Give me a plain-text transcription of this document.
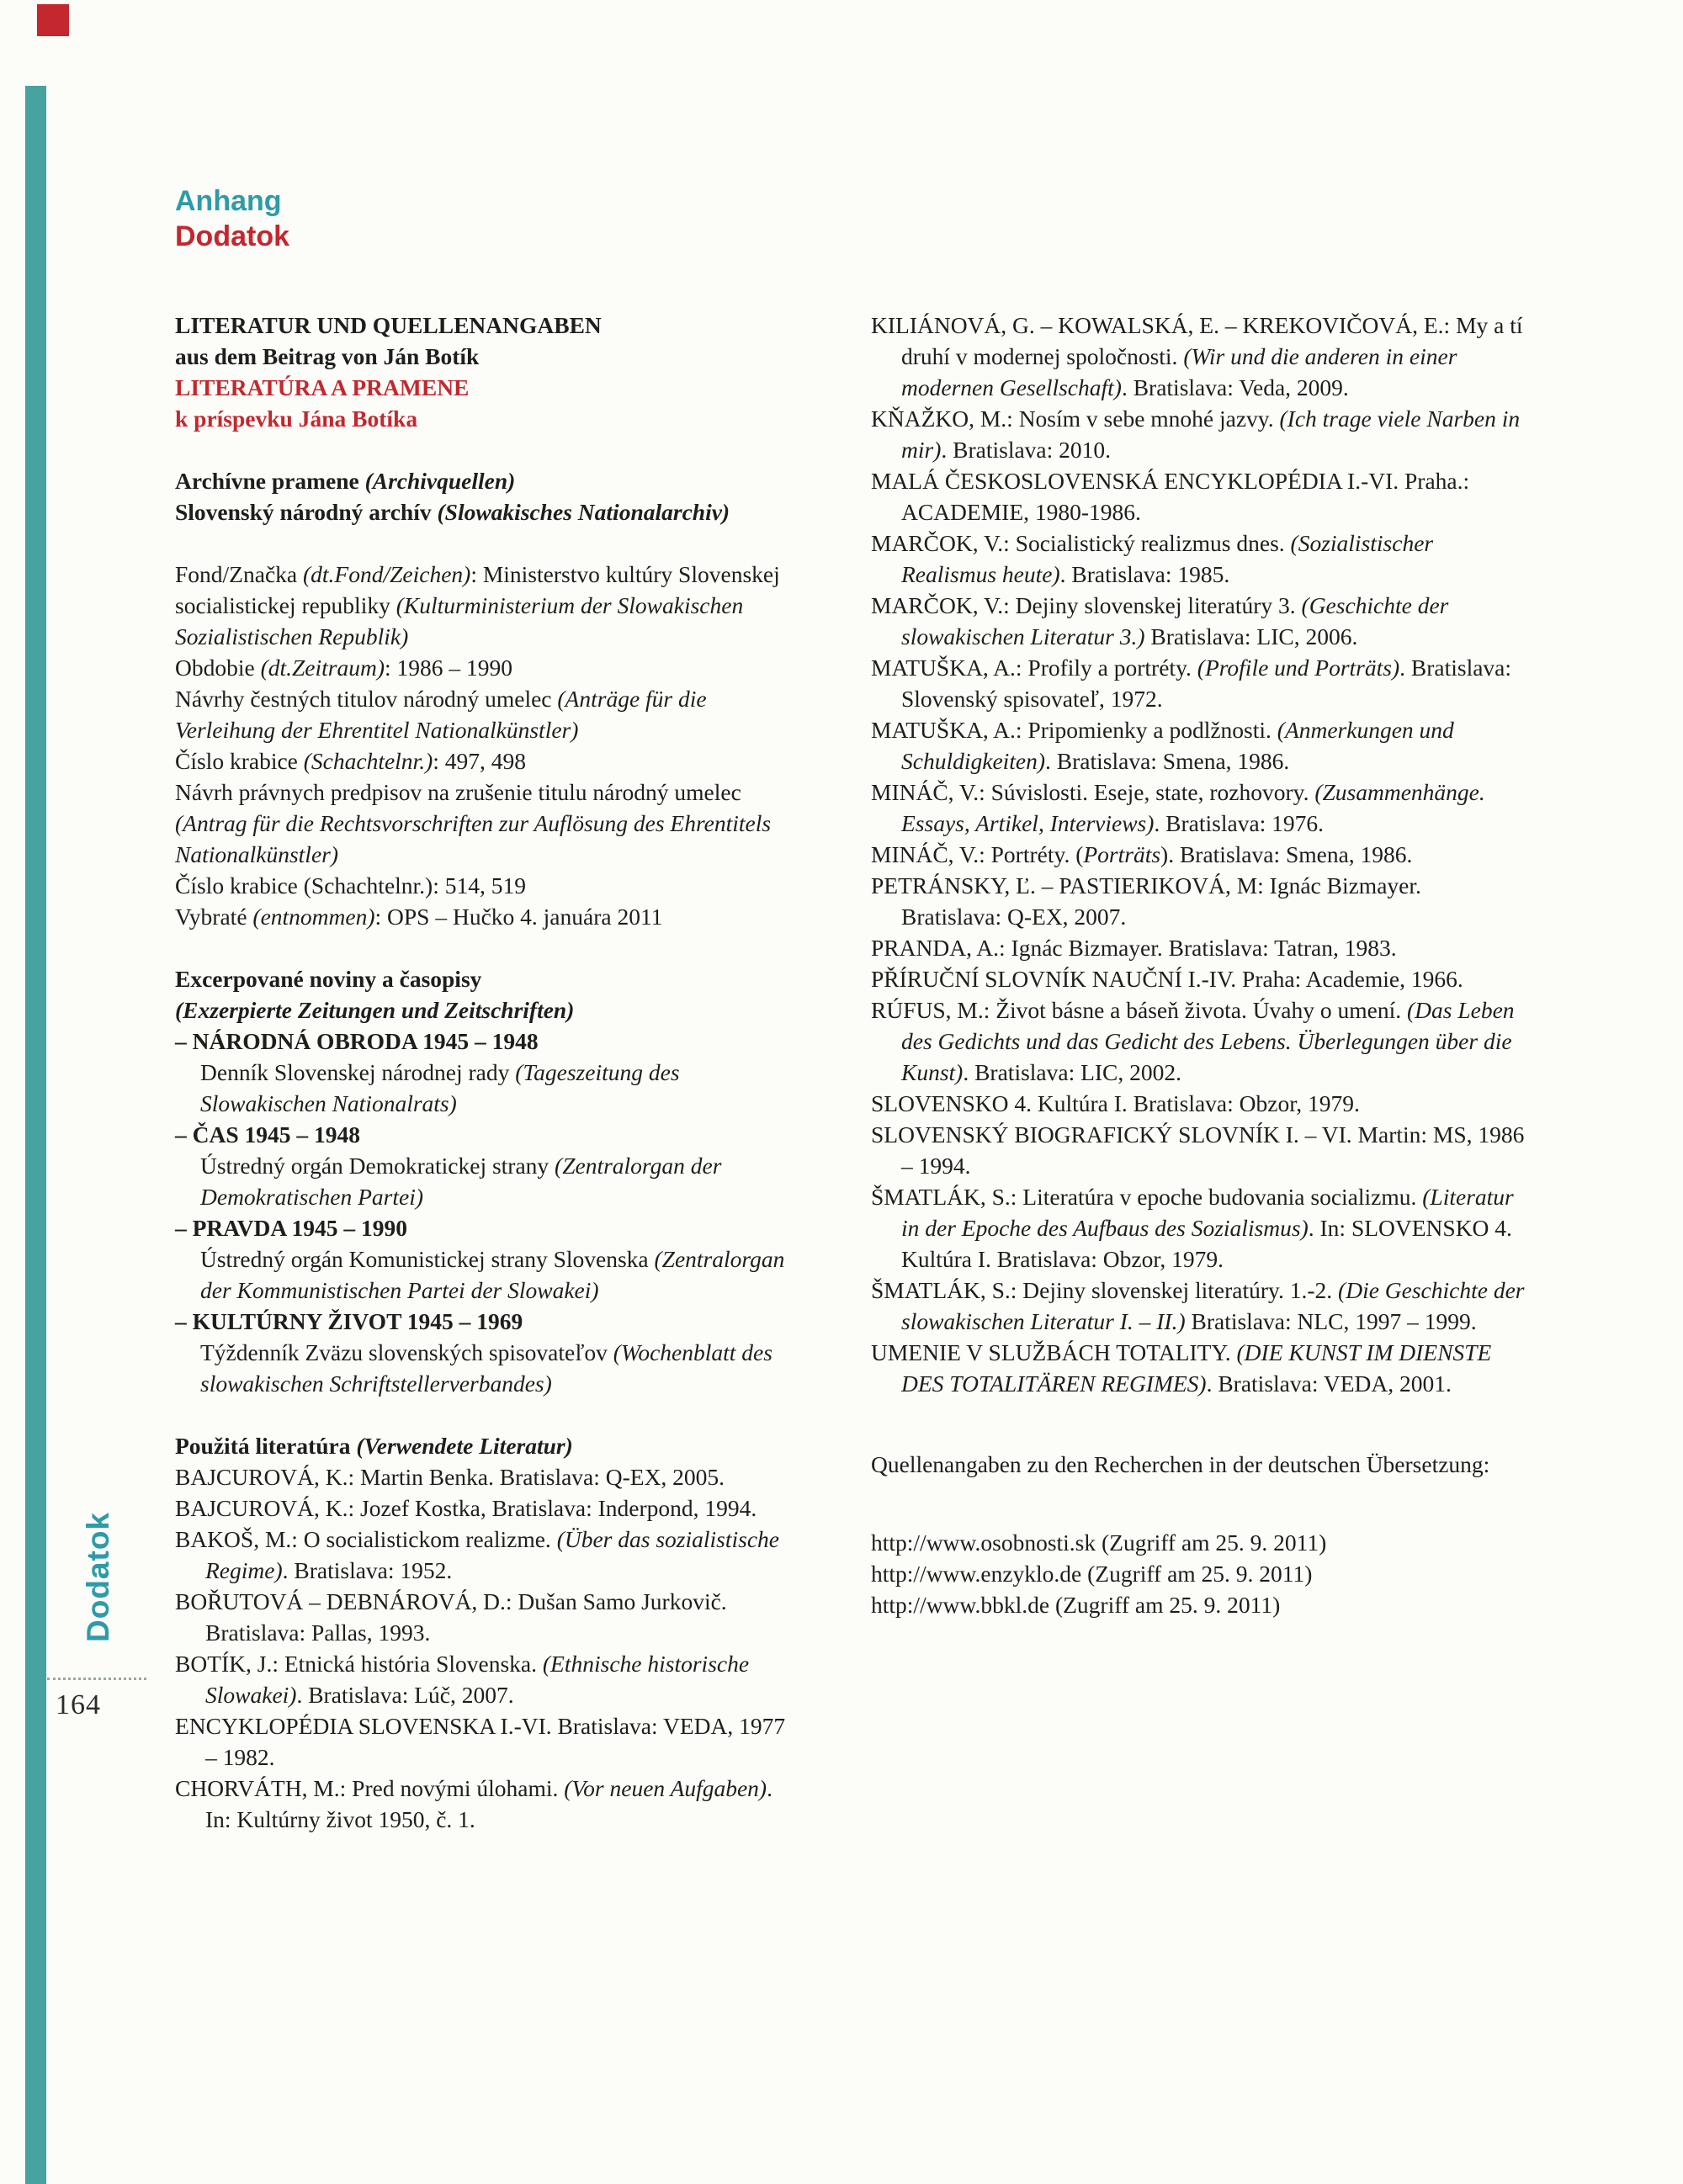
Anhang
Dodatok
LITERATUR UND QUELLENANGABEN
aus dem Beitrag von Ján Botík
LITERATÚRA A PRAMENE
k príspevku Jána Botíka
Archívne pramene (Archivquellen)
Slovenský národný archív (Slowakisches Nationalarchiv)
Fond/Značka (dt.Fond/Zeichen): Ministerstvo kultúry Slovenskej socialistickej republiky (Kulturministerium der Slowakischen Sozialistischen Republik)
Obdobie (dt.Zeitraum): 1986 – 1990
Návrhy čestných titulov národný umelec (Anträge für die Verleihung der Ehrentitel Nationalkünstler)
Číslo krabice (Schachtelnr.): 497, 498
Návrh právnych predpisov na zrušenie titulu národný umelec (Antrag für die Rechtsvorschriften zur Auflösung des Ehrentitels Nationalkünstler)
Číslo krabice (Schachtelnr.): 514, 519
Vybraté (entnommen): OPS – Hučko 4. januára 2011
Excerpované noviny a časopisy
(Exzerpierte Zeitungen und Zeitschriften)
– NÁRODNÁ OBRODA 1945 – 1948
Denník Slovenskej národnej rady (Tageszeitung des Slowakischen Nationalrats)
– ČAS 1945 – 1948
Ústredný orgán Demokratickej strany (Zentralorgan der Demokratischen Partei)
– PRAVDA 1945 – 1990
Ústredný orgán Komunistickej strany Slovenska (Zentralorgan der Kommunistischen Partei der Slowakei)
– KULTÚRNY ŽIVOT 1945 – 1969
Týždenník Zväzu slovenských spisovateľov (Wochenblatt des slowakischen Schriftstellerverbandes)
Použitá literatúra (Verwendete Literatur)
BAJCUROVÁ, K.: Martin Benka. Bratislava: Q-EX, 2005.
BAJCUROVÁ, K.: Jozef Kostka, Bratislava: Inderpond, 1994.
BAKOŠ, M.: O socialistickom realizme. (Über das sozialistische Regime). Bratislava: 1952.
BOŘUTOVÁ – DEBNÁROVÁ, D.: Dušan Samo Jurkovič. Bratislava: Pallas, 1993.
BOTÍK, J.: Etnická história Slovenska. (Ethnische historische Slowakei). Bratislava: Lúč, 2007.
ENCYKLOPÉDIA SLOVENSKA I.-VI. Bratislava: VEDA, 1977 – 1982.
CHORVÁTH, M.: Pred novými úlohami. (Vor neuen Aufgaben). In: Kultúrny život 1950, č. 1.
KILIÁNOVÁ, G. – KOWALSKÁ, E. – KREKOVIČOVÁ, E.: My a tí druhí v modernej spoločnosti. (Wir und die anderen in einer modernen Gesellschaft). Bratislava: Veda, 2009.
KŇAŽKO, M.: Nosím v sebe mnohé jazvy. (Ich trage viele Narben in mir). Bratislava: 2010.
MALÁ ČESKOSLOVENSKÁ ENCYKLOPÉDIA I.-VI. Praha.: ACADEMIE, 1980-1986.
MARČOK, V.: Socialistický realizmus dnes. (Sozialistischer Realismus heute). Bratislava: 1985.
MARČOK, V.: Dejiny slovenskej literatúry 3. (Geschichte der slowakischen Literatur 3.) Bratislava: LIC, 2006.
MATUŠKA, A.: Profily a portréty. (Profile und Porträts). Bratislava: Slovenský spisovateľ, 1972.
MATUŠKA, A.: Pripomienky a podlžnosti. (Anmerkungen und Schuldigkeiten). Bratislava: Smena, 1986.
MINÁČ, V.: Súvislosti. Eseje, state, rozhovory. (Zusammenhänge. Essays, Artikel, Interviews). Bratislava: 1976.
MINÁČ, V.: Portréty. (Porträts). Bratislava: Smena, 1986.
PETRÁNSKY, Ľ. – PASTIERIKOVÁ, M: Ignác Bizmayer. Bratislava: Q-EX, 2007.
PRANDA, A.: Ignác Bizmayer. Bratislava: Tatran, 1983.
PŘÍRUČNÍ SLOVNÍK NAUČNÍ I.-IV. Praha: Academie, 1966.
RÚFUS, M.: Život básne a báseň života. Úvahy o umení. (Das Leben des Gedichts und das Gedicht des Lebens. Überlegungen über die Kunst). Bratislava: LIC, 2002.
SLOVENSKO 4. Kultúra I. Bratislava: Obzor, 1979.
SLOVENSKÝ BIOGRAFICKÝ SLOVNÍK I. – VI. Martin: MS, 1986 – 1994.
ŠMATLÁK, S.: Literatúra v epoche budovania socializmu. (Literatur in der Epoche des Aufbaus des Sozialismus). In: SLOVENSKO 4. Kultúra I. Bratislava: Obzor, 1979.
ŠMATLÁK, S.: Dejiny slovenskej literatúry. 1.-2. (Die Geschichte der slowakischen Literatur I. – II.) Bratislava: NLC, 1997 – 1999.
UMENIE V SLUŽBÁCH TOTALITY. (DIE KUNST IM DIENSTE DES TOTALITÄREN REGIMES). Bratislava: VEDA, 2001.
Quellenangaben zu den Recherchen in der deutschen Übersetzung:
http://www.osobnosti.sk (Zugriff am 25. 9. 2011)
http://www.enzyklo.de (Zugriff am 25. 9. 2011)
http://www.bbkl.de (Zugriff am 25. 9. 2011)
Dodatok
164
